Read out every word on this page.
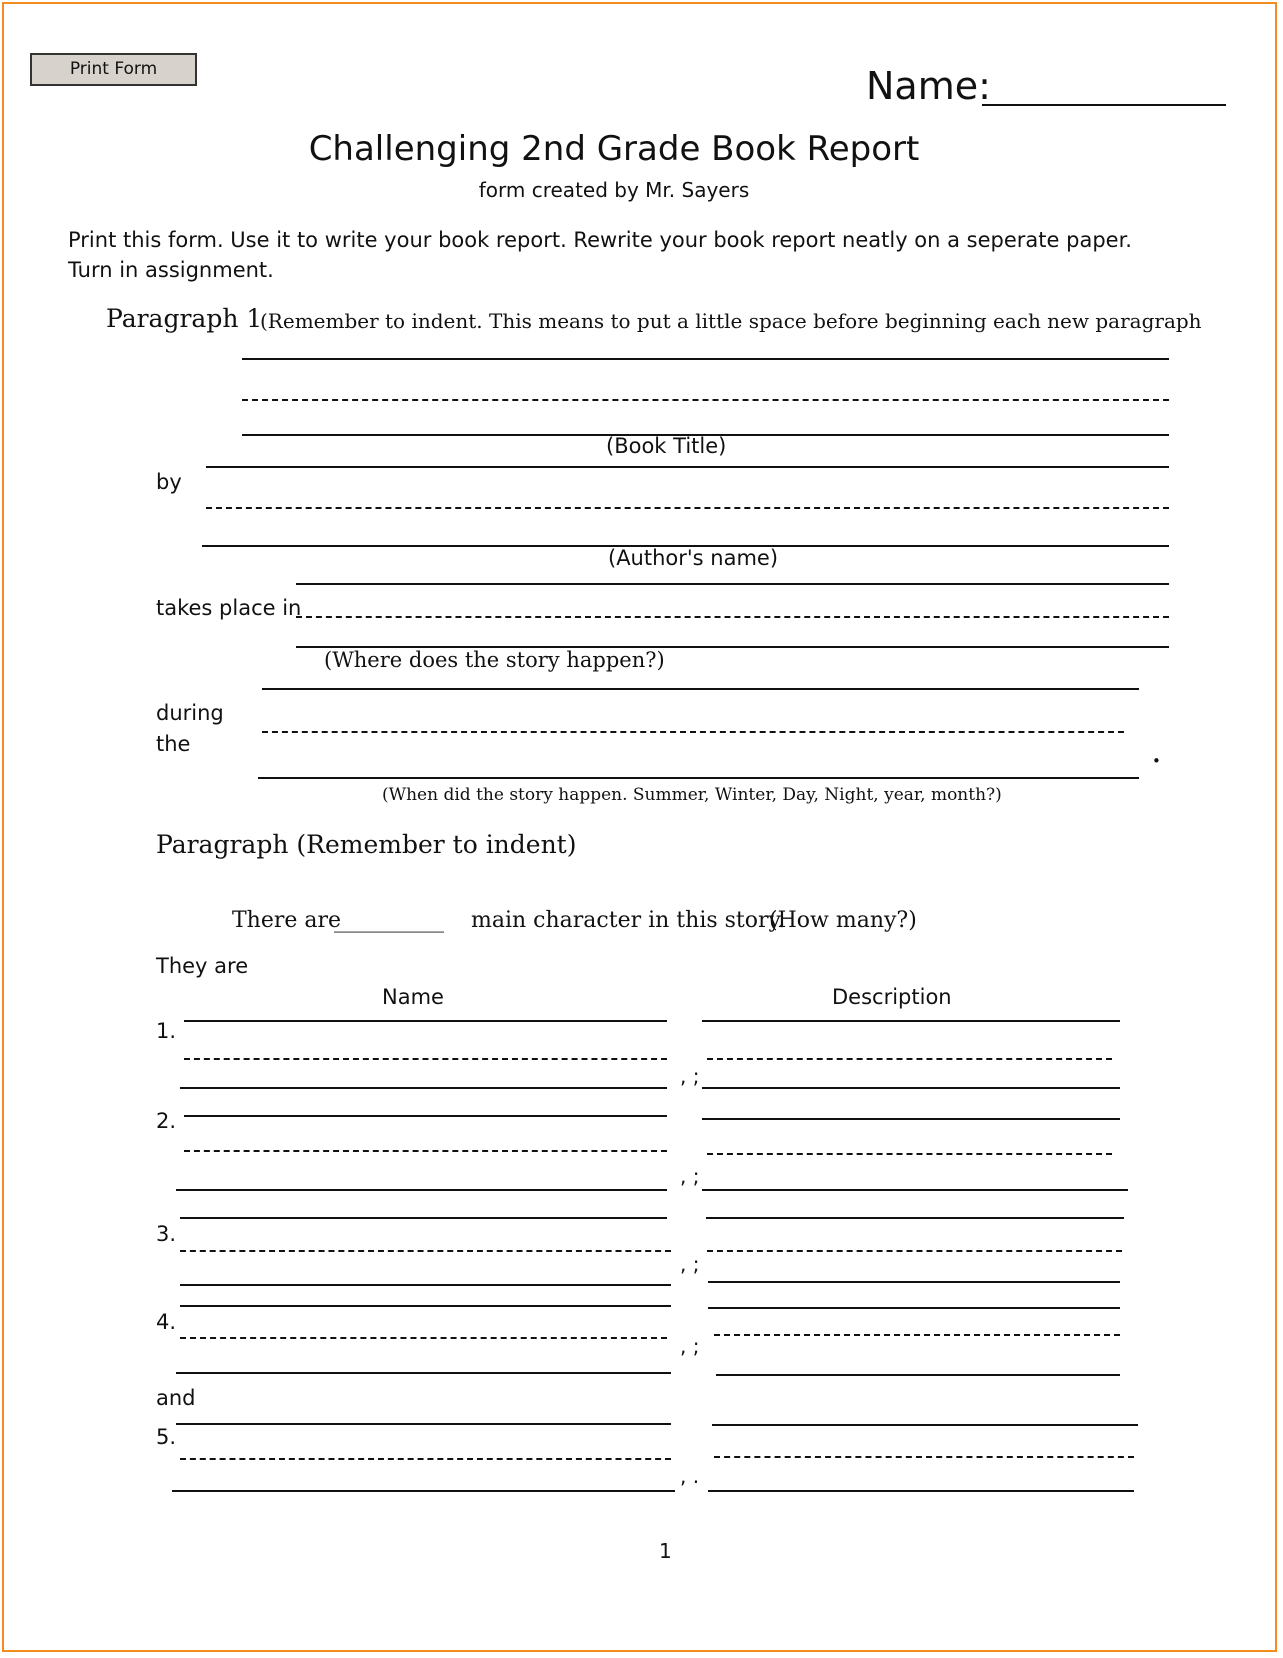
Print Form	Name:
Challenging 2nd Grade Book Report
form created by Mr. Sayers
Print this form. Use it to write your book report. Rewrite your book report neatly on a seperate paper.
Turn in assignment.
Paragraph 1
(Remember to indent. This means to put a little space before beginning each new paragraph
(Book Title)
by
(Author's name)
takes place in
(Where does the story happen?)
during
the
•
(When did the story happen. Summer, Winter, Day, Night, year, month?)
Paragraph (Remember to indent)
There are
__________ main character in this story.
(How many?)
They are
Name	Description
1.
, ;
2.
, ;
3.
, ;
4.
, ;
and
5.
, .
1
